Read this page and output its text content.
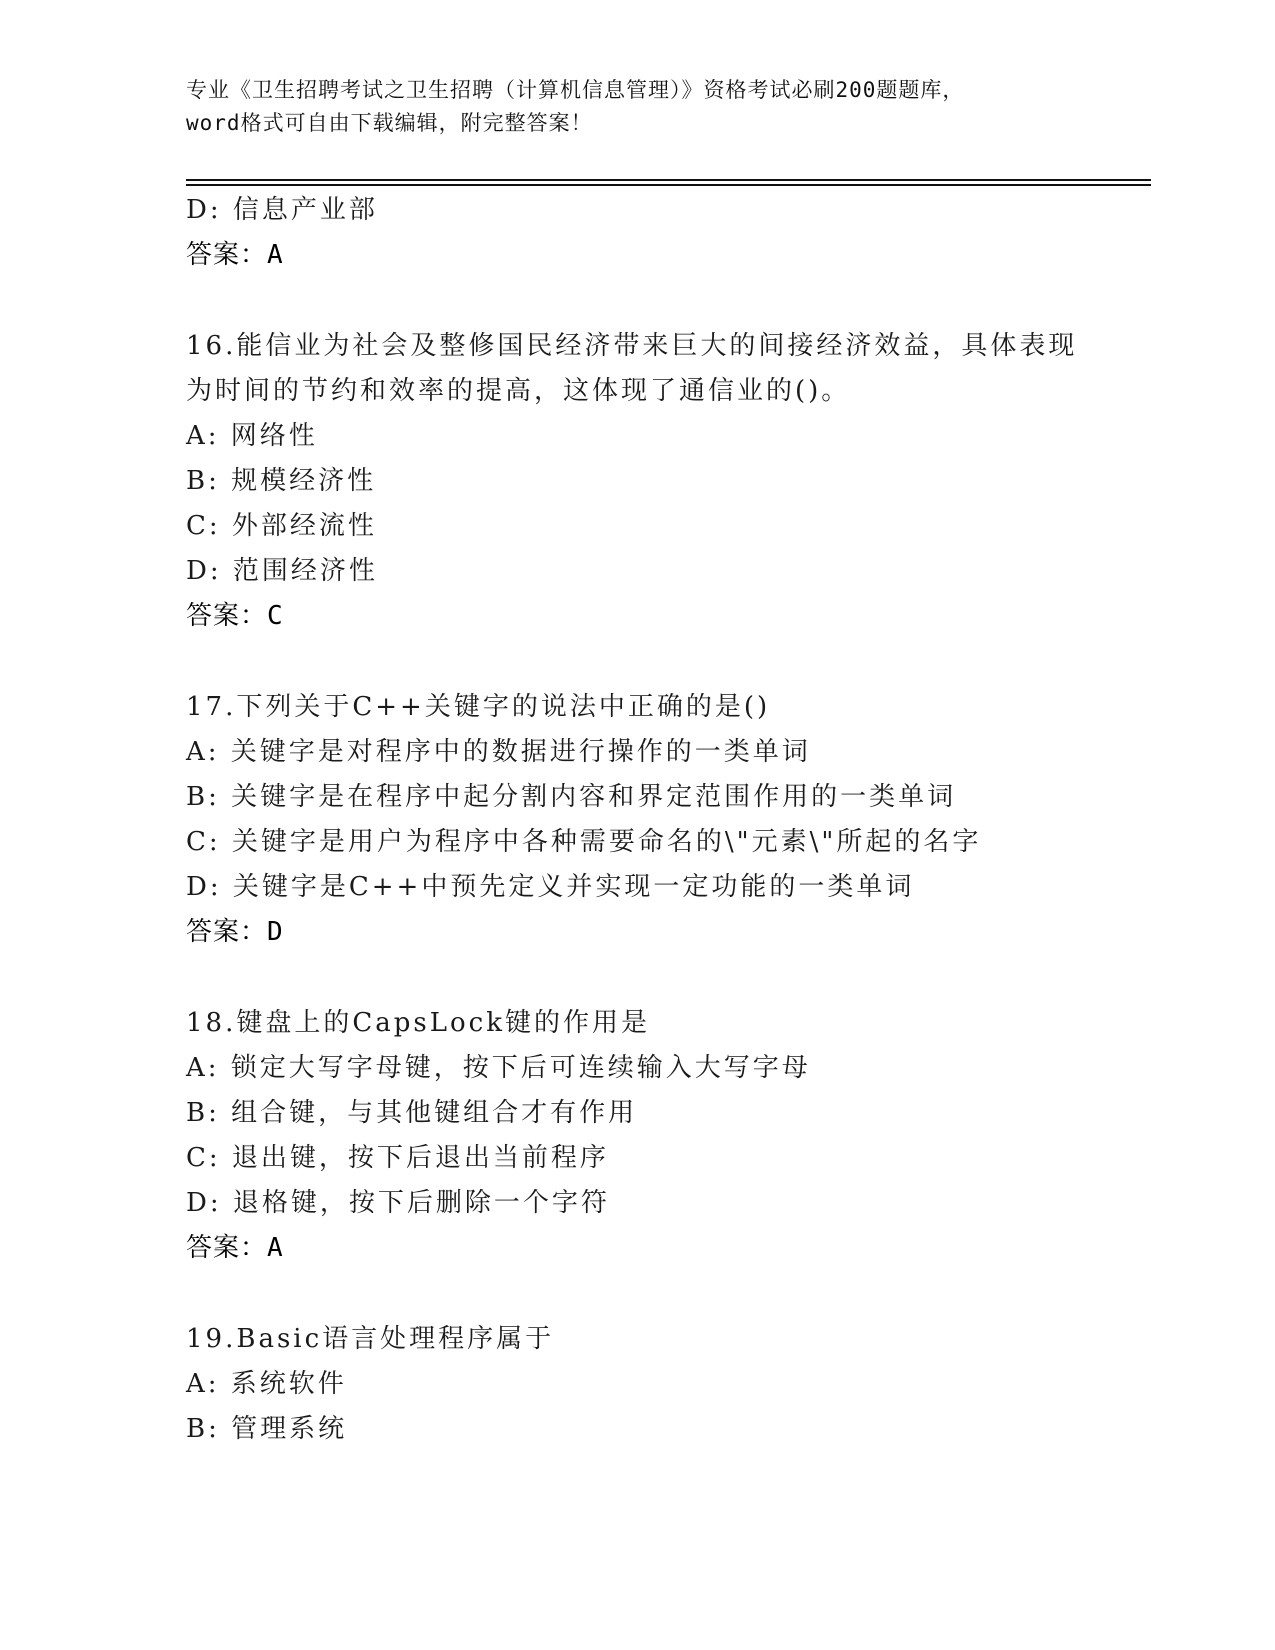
专业《卫生招聘考试之卫生招聘（计算机信息管理）》资格考试必刷200题题库，
word格式可自由下载编辑，附完整答案！
D: 信息产业部
答案：A
16.能信业为社会及整修国民经济带来巨大的间接经济效益，具体表现
为时间的节约和效率的提高，这体现了通信业的()。
A: 网络性
B: 规模经济性
C: 外部经流性
D: 范围经济性
答案：C
17.下列关于C++关键字的说法中正确的是()
A: 关键字是对程序中的数据进行操作的一类单词
B: 关键字是在程序中起分割内容和界定范围作用的一类单词
C: 关键字是用户为程序中各种需要命名的\"元素\"所起的名字
D: 关键字是C++中预先定义并实现一定功能的一类单词
答案：D
18.键盘上的CapsLock键的作用是
A: 锁定大写字母键，按下后可连续输入大写字母
B: 组合键，与其他键组合才有作用
C: 退出键，按下后退出当前程序
D: 退格键，按下后删除一个字符
答案：A
19.Basic语言处理程序属于
A: 系统软件
B: 管理系统
